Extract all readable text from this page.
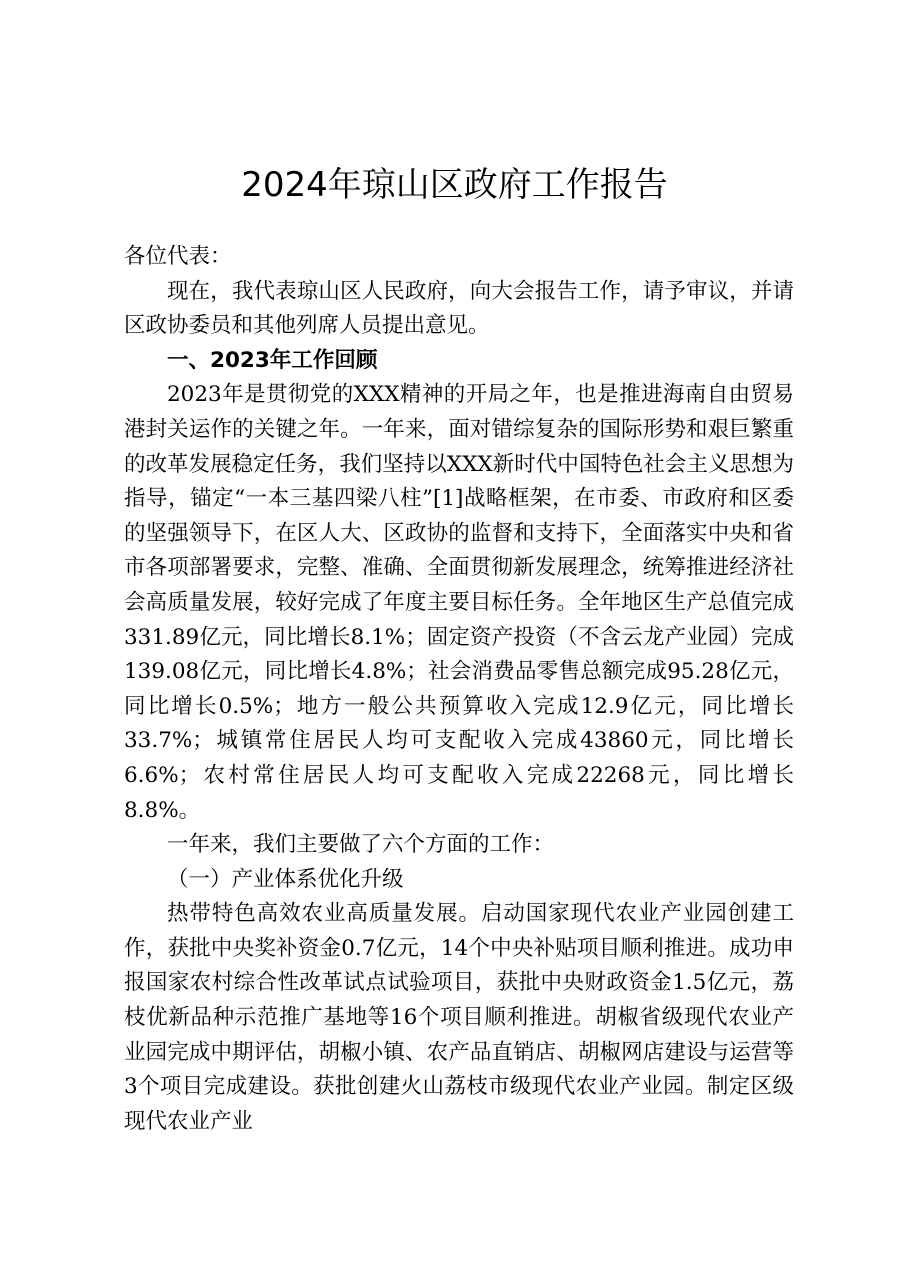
2024年琼山区政府工作报告

各位代表：

现在，我代表琼山区人民政府，向大会报告工作，请予审议，并请区政协委员和其他列席人员提出意见。

一、2023年工作回顾

2023年是贯彻党的XXX精神的开局之年，也是推进海南自由贸易港封关运作的关键之年。一年来，面对错综复杂的国际形势和艰巨繁重的改革发展稳定任务，我们坚持以XXX新时代中国特色社会主义思想为指导，锚定“一本三基四梁八柱”[1]战略框架，在市委、市政府和区委的坚强领导下，在区人大、区政协的监督和支持下，全面落实中央和省市各项部署要求，完整、准确、全面贯彻新发展理念，统筹推进经济社会高质量发展，较好完成了年度主要目标任务。全年地区生产总值完成331.89亿元，同比增长8.1%；固定资产投资（不含云龙产业园）完成139.08亿元，同比增长4.8%；社会消费品零售总额完成95.28亿元，同比增长0.5%；地方一般公共预算收入完成12.9亿元，同比增长33.7%；城镇常住居民人均可支配收入完成43860元，同比增长6.6%；农村常住居民人均可支配收入完成22268元，同比增长8.8%。

一年来，我们主要做了六个方面的工作：

（一）产业体系优化升级

热带特色高效农业高质量发展。启动国家现代农业产业园创建工作，获批中央奖补资金0.7亿元，14个中央补贴项目顺利推进。成功申报国家农村综合性改革试点试验项目，获批中央财政资金1.5亿元，荔枝优新品种示范推广基地等16个项目顺利推进。胡椒省级现代农业产业园完成中期评估，胡椒小镇、农产品直销店、胡椒网店建设与运营等3个项目完成建设。获批创建火山荔枝市级现代农业产业园。制定区级现代农业产业
